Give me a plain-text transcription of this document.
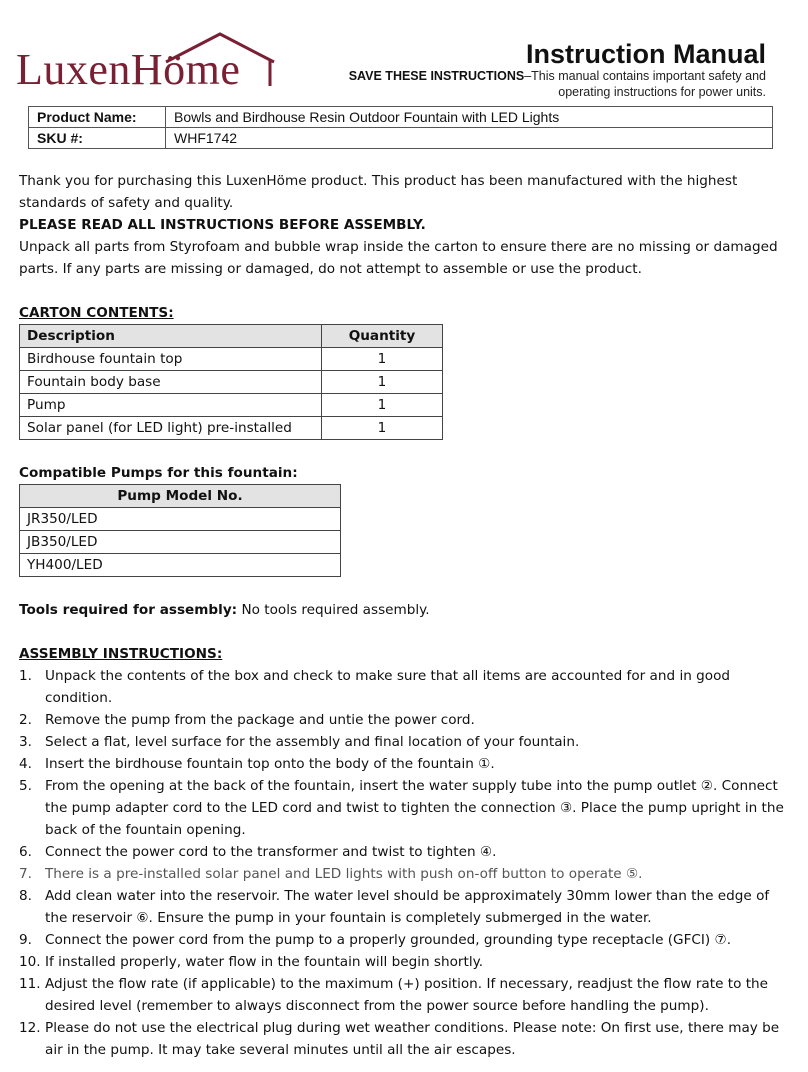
LuxenHöme	Instruction Manual
SAVE THESE INSTRUCTIONS–This manual contains important safety and operating instructions for power units.
Product Name:	Bowls and Birdhouse Resin Outdoor Fountain with LED Lights
SKU #:	WHF1742

Thank you for purchasing this LuxenHöme product. This product has been manufactured with the highest standards of safety and quality.

PLEASE READ ALL INSTRUCTIONS BEFORE ASSEMBLY.

Unpack all parts from Styrofoam and bubble wrap inside the carton to ensure there are no missing or damaged parts. If any parts are missing or damaged, do not attempt to assemble or use the product.

CARTON CONTENTS:

Description	Quantity
Birdhouse fountain top	1
Fountain body base	1
Pump	1
Solar panel (for LED light) pre-installed	1

Compatible Pumps for this fountain:

Pump Model No.
JR350/LED
JB350/LED
YH400/LED

Tools required for assembly: No tools required assembly.

ASSEMBLY INSTRUCTIONS:

1. Unpack the contents of the box and check to make sure that all items are accounted for and in good condition.
2. Remove the pump from the package and untie the power cord.
3. Select a flat, level surface for the assembly and final location of your fountain.
4. Insert the birdhouse fountain top onto the body of the fountain ①.
5. From the opening at the back of the fountain, insert the water supply tube into the pump outlet ②. Connect the pump adapter cord to the LED cord and twist to tighten the connection ③. Place the pump upright in the back of the fountain opening.
6. Connect the power cord to the transformer and twist to tighten ④.
7. There is a pre-installed solar panel and LED lights with push on-off button to operate ⑤.
8. Add clean water into the reservoir. The water level should be approximately 30mm lower than the edge of the reservoir ⑥. Ensure the pump in your fountain is completely submerged in the water.
9. Connect the power cord from the pump to a properly grounded, grounding type receptacle (GFCI) ⑦.
10. If installed properly, water flow in the fountain will begin shortly.
11. Adjust the flow rate (if applicable) to the maximum (+) position. If necessary, readjust the flow rate to the desired level (remember to always disconnect from the power source before handling the pump).
12. Please do not use the electrical plug during wet weather conditions. Please note: On first use, there may be air in the pump. It may take several minutes until all the air escapes.
